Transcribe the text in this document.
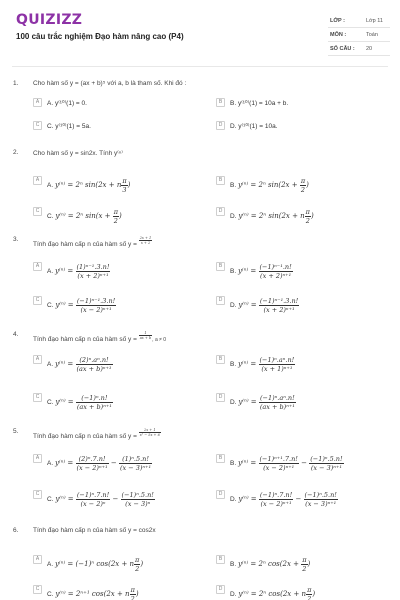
QUIZIZZ
100 câu trắc nghiệm Đạo hàm nâng cao (P4)
LỚP :	Lớp 11
MÔN :	Toán
SỐ CÂU : 20
1. Cho hàm số y = (ax + b)⁵ với a, b là tham số. Khi đó :
A	A. y⁽¹⁰⁾(1) = 0.	B	B. y⁽¹⁰⁾(1) = 10a + b.
C	C. y⁽¹⁰⁾(1) = 5a.	D	D. y⁽¹⁰⁾(1) = 10a.
2. Cho hàm số y = sin2x. Tính y⁽ⁿ⁾
A
A. y⁽ⁿ⁾ = 2ⁿ sin(2x + n $\frac{\pi}{3}$ )
B
B. y⁽ⁿ⁾ = 2ⁿ $\sin(2x + \frac{\pi}{2}$ )
C
C. y⁽ⁿ⁾ = 2ⁿ $\sin(x + \frac{\pi}{2}$ )
D
D. y⁽ⁿ⁾ = 2ⁿ sin(2x + n $\frac{\pi}{2}$ )
3.
Tính đạo hàm cấp n của hàm số $y = \frac{2x + 1}{x + 2}$
A
A. $y^{(n)} = \frac{\text{(1)ⁿ⁻¹.3.n!}}{\text{(x + 2)ⁿ⁺¹}}$	B
B. $y^{(n)} = \frac{\text{(−1)ⁿ⁻¹.n!}}{\text{(x + 2)ⁿ⁺¹}}$
C
C. $y^{(n)} = \frac{\text{(−1)ⁿ⁻¹.3.n!}}{\text{(x − 2)ⁿ⁺¹}}$	D
D. $y^{(n)} = \frac{\text{(−1)ⁿ⁻¹.3.n!}}{\text{(x + 2)ⁿ⁺¹}}$
4.
Tính đạo hàm cấp n của hàm số $y = \frac{1}{ax + b}$ , a ≠ 0
A
A. $y^{(n)} = \frac{\text{(2)ⁿ.aⁿ.n!}}{\text{(ax + b)ⁿ⁺¹}}$	B
B. $y^{(n)} = \frac{\text{(−1)ⁿ.aⁿ.n!}}{\text{(x + 1)ⁿ⁺¹}}$
C
C. $y^{(n)} = \frac{\text{(−1)ⁿ.n!}}{\text{(ax + b)ⁿ⁺¹}}$	D
D. $y^{(n)} = \frac{\text{(−1)ⁿ.aⁿ.n!}}{\text{(ax + b)ⁿ⁺¹}}$
5.
Tính đạo hàm cấp n của hàm số $y = \frac{2x + 1}{\text{x² − 5x + 6}}$
A
A. $y^{(n)} = \frac{\text{(2)ⁿ.7.n!}}{\text{(x − 2)ⁿ⁺¹}} - \frac{\text{(1)ⁿ.5.n!}}{\text{(x − 3)ⁿ⁺¹}}$	B
B. $y^{(n)} = \frac{\text{(−1)ⁿ⁺¹.7.n!}}{\text{(x − 2)ⁿ⁺¹}} - \frac{\text{(−1)ⁿ.5.n!}}{\text{(x − 3)ⁿ⁺¹}}$
C
C. $y^{(n)} = \frac{\text{(−1)ⁿ.7.n!}}{\text{(x − 2)ⁿ}} - \frac{\text{(−1)ⁿ.5.n!}}{\text{(x − 3)ⁿ}}$	D
D. $y^{(n)} = \frac{\text{(−1)ⁿ.7.n!}}{\text{(x − 2)ⁿ⁺¹}} - \frac{\text{(−1)ⁿ.5.n!}}{\text{(x − 3)ⁿ⁺¹}}$
6. Tính đạo hàm cấp n của hàm số y = cos2x
A
A. y⁽ⁿ⁾ = (−1)ⁿ cos(2x + n $\frac{\pi}{2}$ )
B
B. y⁽ⁿ⁾ = 2ⁿ $\cos(2x + \frac{\pi}{2}$ )
C
C. y⁽ⁿ⁾ = 2ⁿ⁺¹ cos(2x + n $\frac{\pi}{2}$ )
D
D. y⁽ⁿ⁾ = 2ⁿ cos(2x + n $\frac{\pi}{2}$ )
